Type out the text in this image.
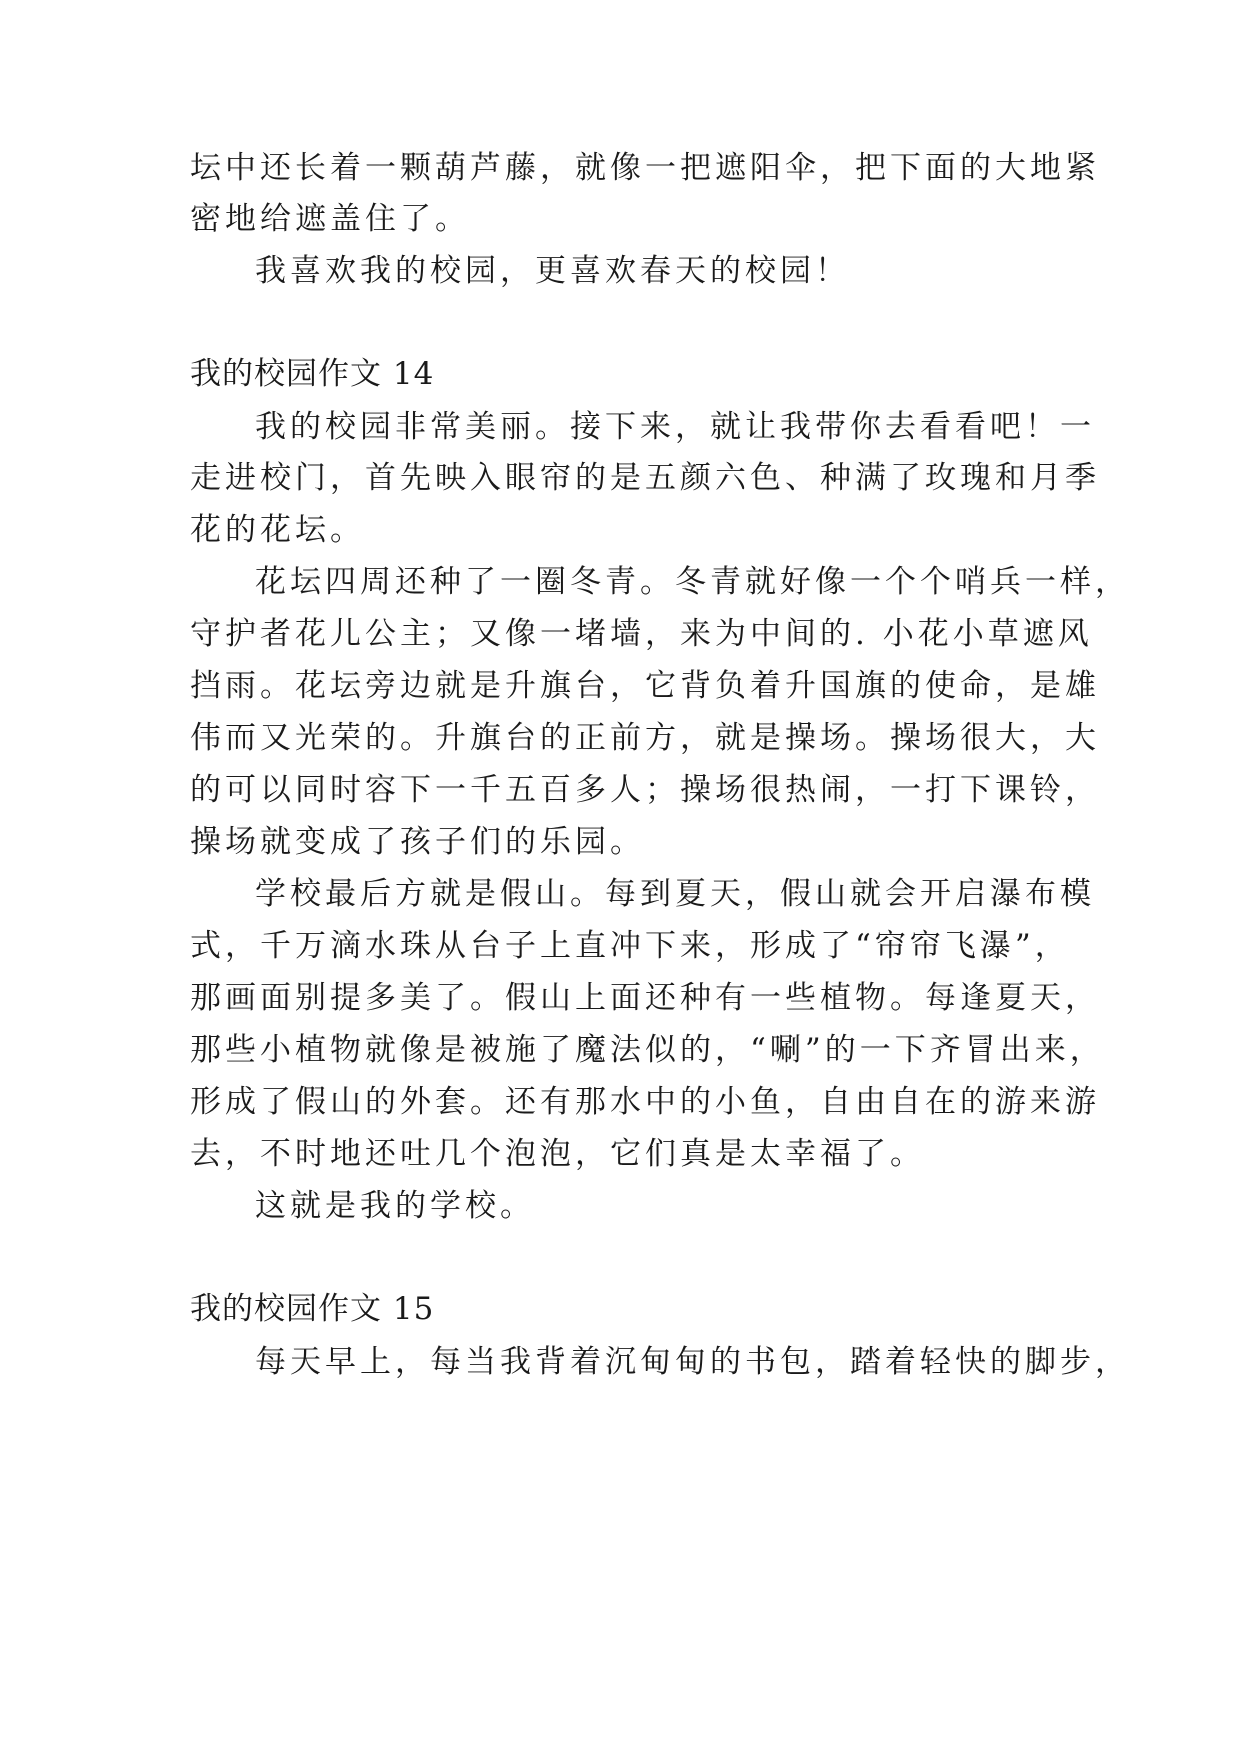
坛中还长着一颗葫芦藤，就像一把遮阳伞，把下面的大地紧
密地给遮盖住了。
我喜欢我的校园，更喜欢春天的校园！
我的校园作文 14
我的校园非常美丽。接下来，就让我带你去看看吧！一
走进校门，首先映入眼帘的是五颜六色、种满了玫瑰和月季
花的花坛。
花坛四周还种了一圈冬青。冬青就好像一个个哨兵一样，
守护者花儿公主；又像一堵墙，来为中间的. 小花小草遮风
挡雨。花坛旁边就是升旗台，它背负着升国旗的使命，是雄
伟而又光荣的。升旗台的正前方，就是操场。操场很大，大
的可以同时容下一千五百多人；操场很热闹，一打下课铃，
操场就变成了孩子们的乐园。
学校最后方就是假山。每到夏天，假山就会开启瀑布模
式，千万滴水珠从台子上直冲下来，形成了“帘帘飞瀑”，
那画面别提多美了。假山上面还种有一些植物。每逢夏天，
那些小植物就像是被施了魔法似的，“唰”的一下齐冒出来，
形成了假山的外套。还有那水中的小鱼，自由自在的游来游
去，不时地还吐几个泡泡，它们真是太幸福了。
这就是我的学校。
我的校园作文 15
每天早上，每当我背着沉甸甸的书包，踏着轻快的脚步，
